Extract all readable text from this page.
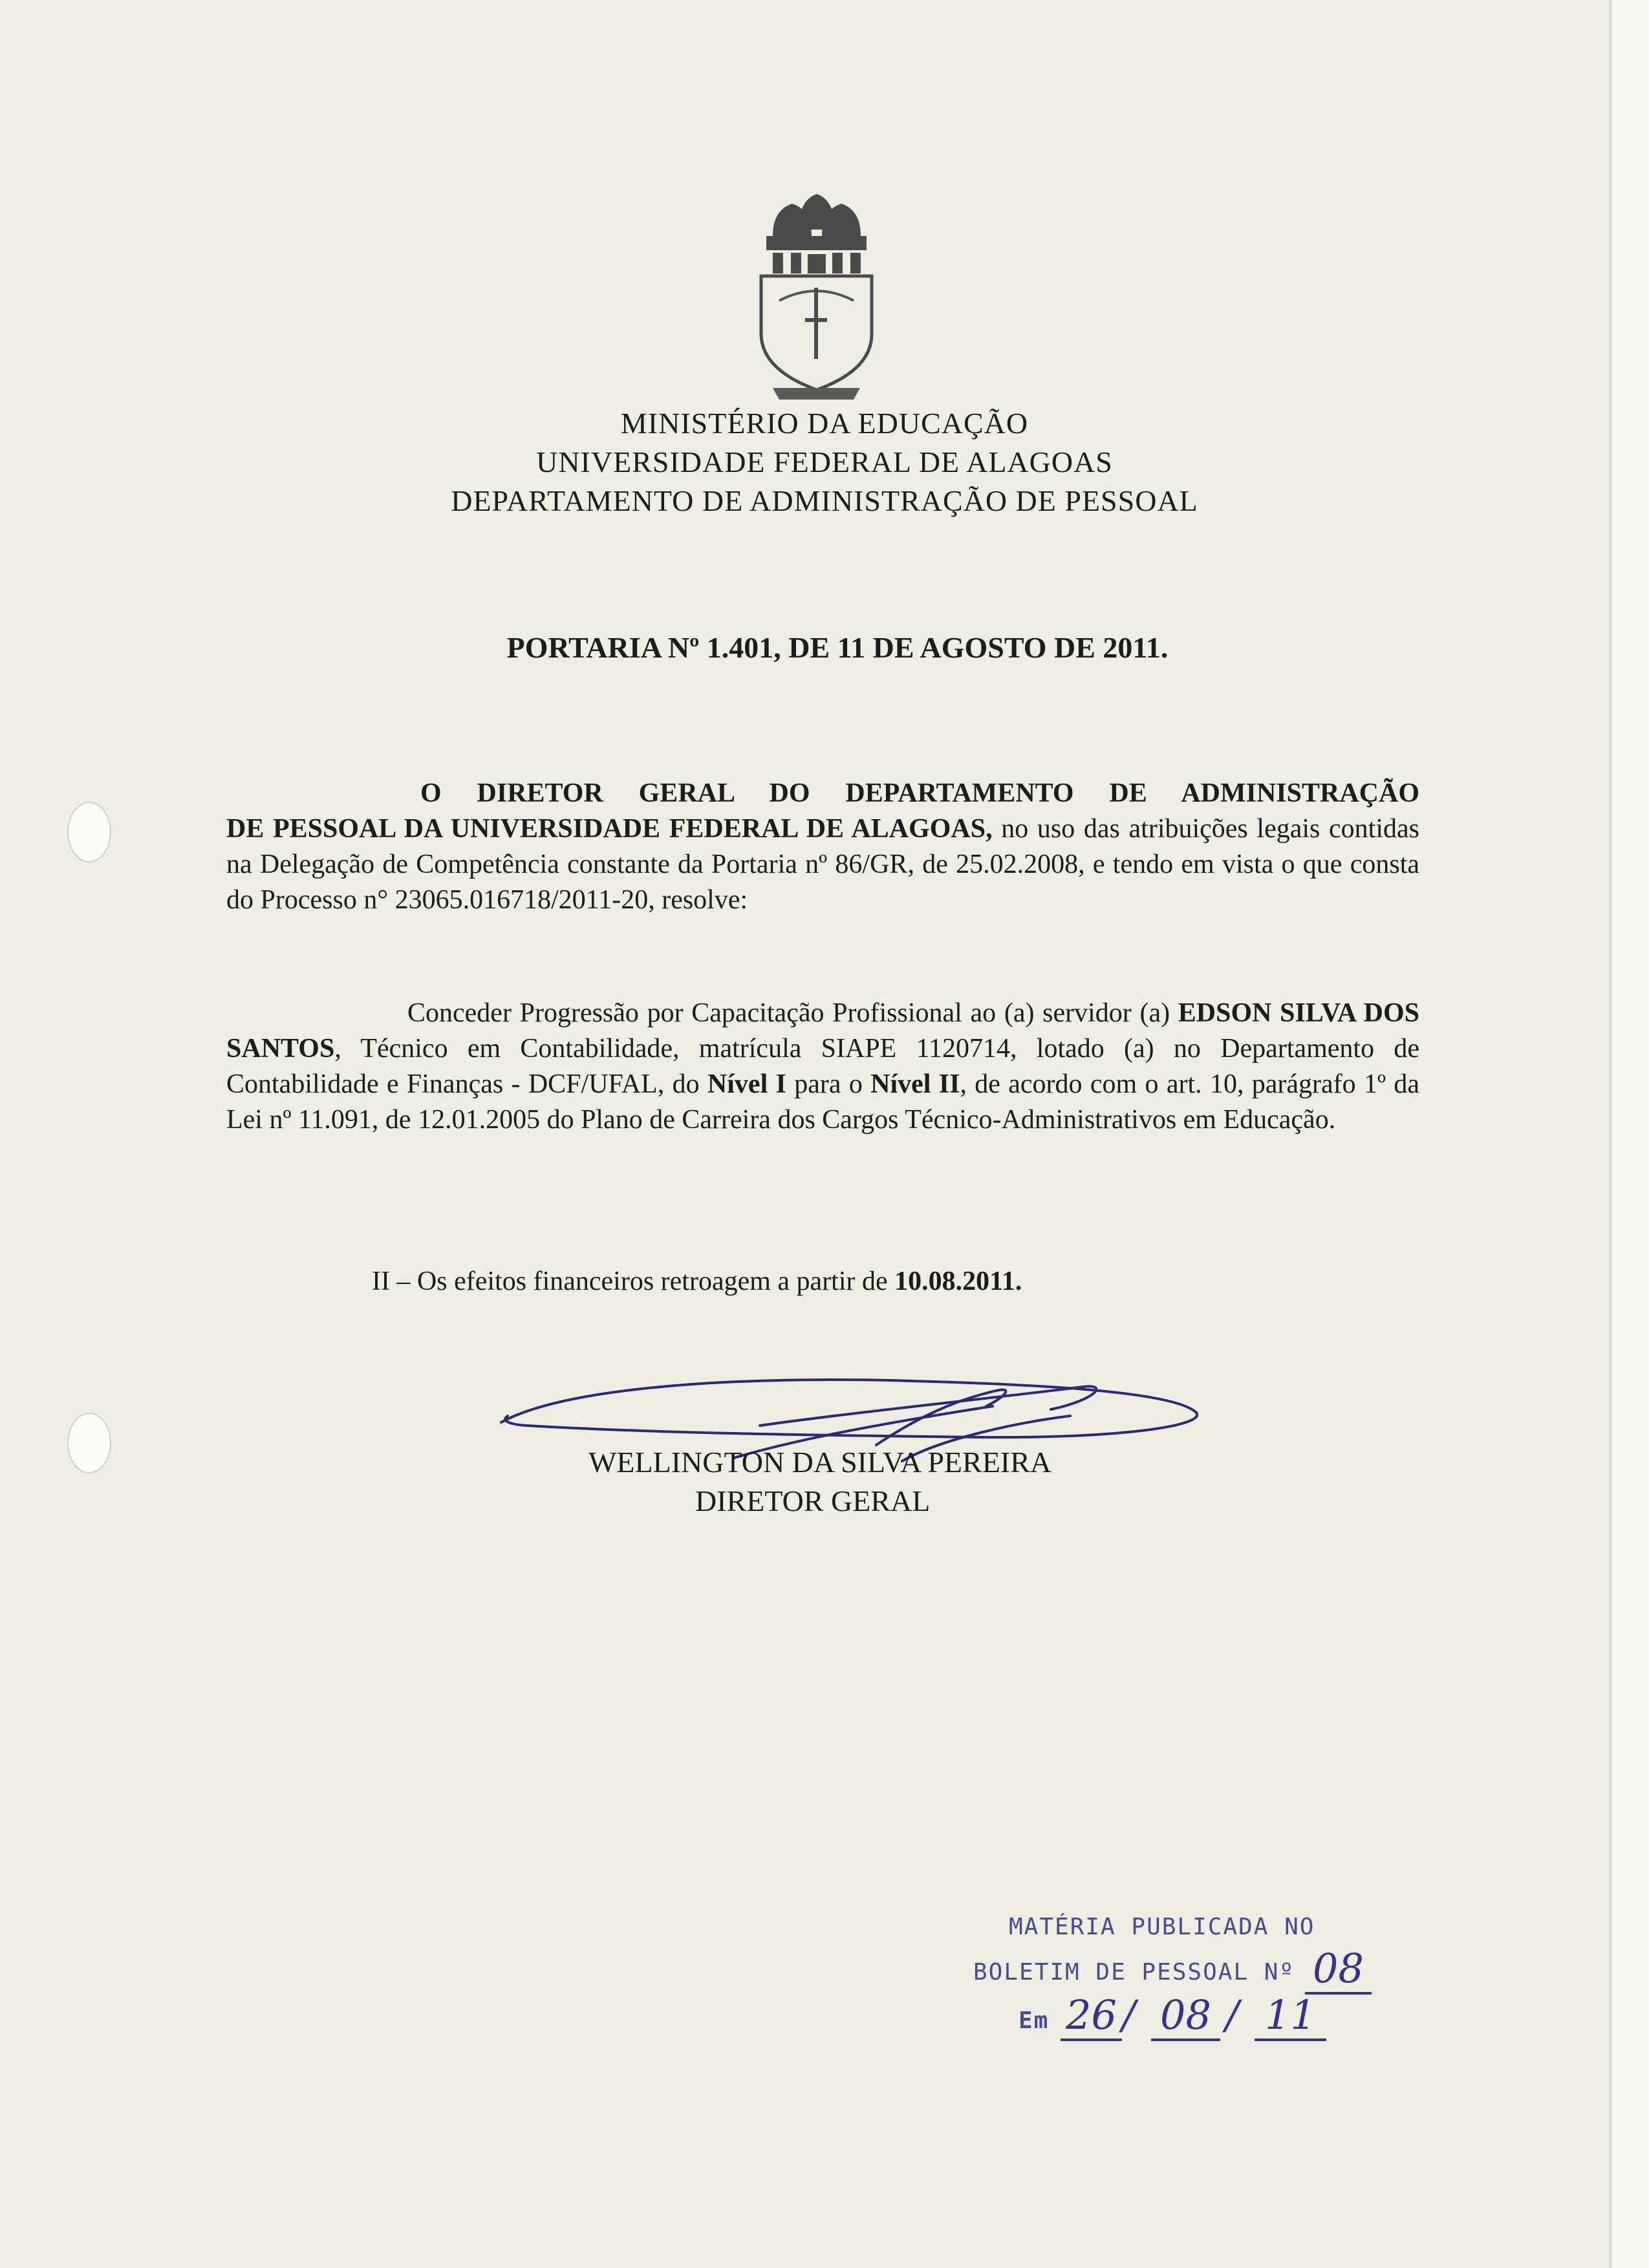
MINISTÉRIO DA EDUCAÇÃO
UNIVERSIDADE FEDERAL DE ALAGOAS
DEPARTAMENTO DE ADMINISTRAÇÃO DE PESSOAL
PORTARIA Nº 1.401, DE 11 DE AGOSTO DE 2011.
O DIRETOR GERAL DO DEPARTAMENTO DE ADMINISTRAÇÃO
DE PESSOAL DA UNIVERSIDADE FEDERAL DE ALAGOAS, no uso das atribuições legais contidas na Delegação de Competência constante da Portaria nº 86/GR, de 25.02.2008, e tendo em vista o que consta do Processo n° 23065.016718/2011-20, resolve:
Conceder Progressão por Capacitação Profissional ao (a) servidor (a) EDSON SILVA DOS SANTOS, Técnico em Contabilidade, matrícula SIAPE 1120714, lotado (a) no Departamento de Contabilidade e Finanças - DCF/UFAL, do Nível I para o Nível II, de acordo com o art. 10, parágrafo 1º da Lei nº 11.091, de 12.01.2005 do Plano de Carreira dos Cargos Técnico-Administrativos em Educação.
II – Os efeitos financeiros retroagem a partir de 10.08.2011.
WELLINGTON DA SILVA PEREIRA
DIRETOR GERAL
MATÉRIA PUBLICADA NO
BOLETIM DE PESSOAL Nº 08
Em 26 / 08 / 11
